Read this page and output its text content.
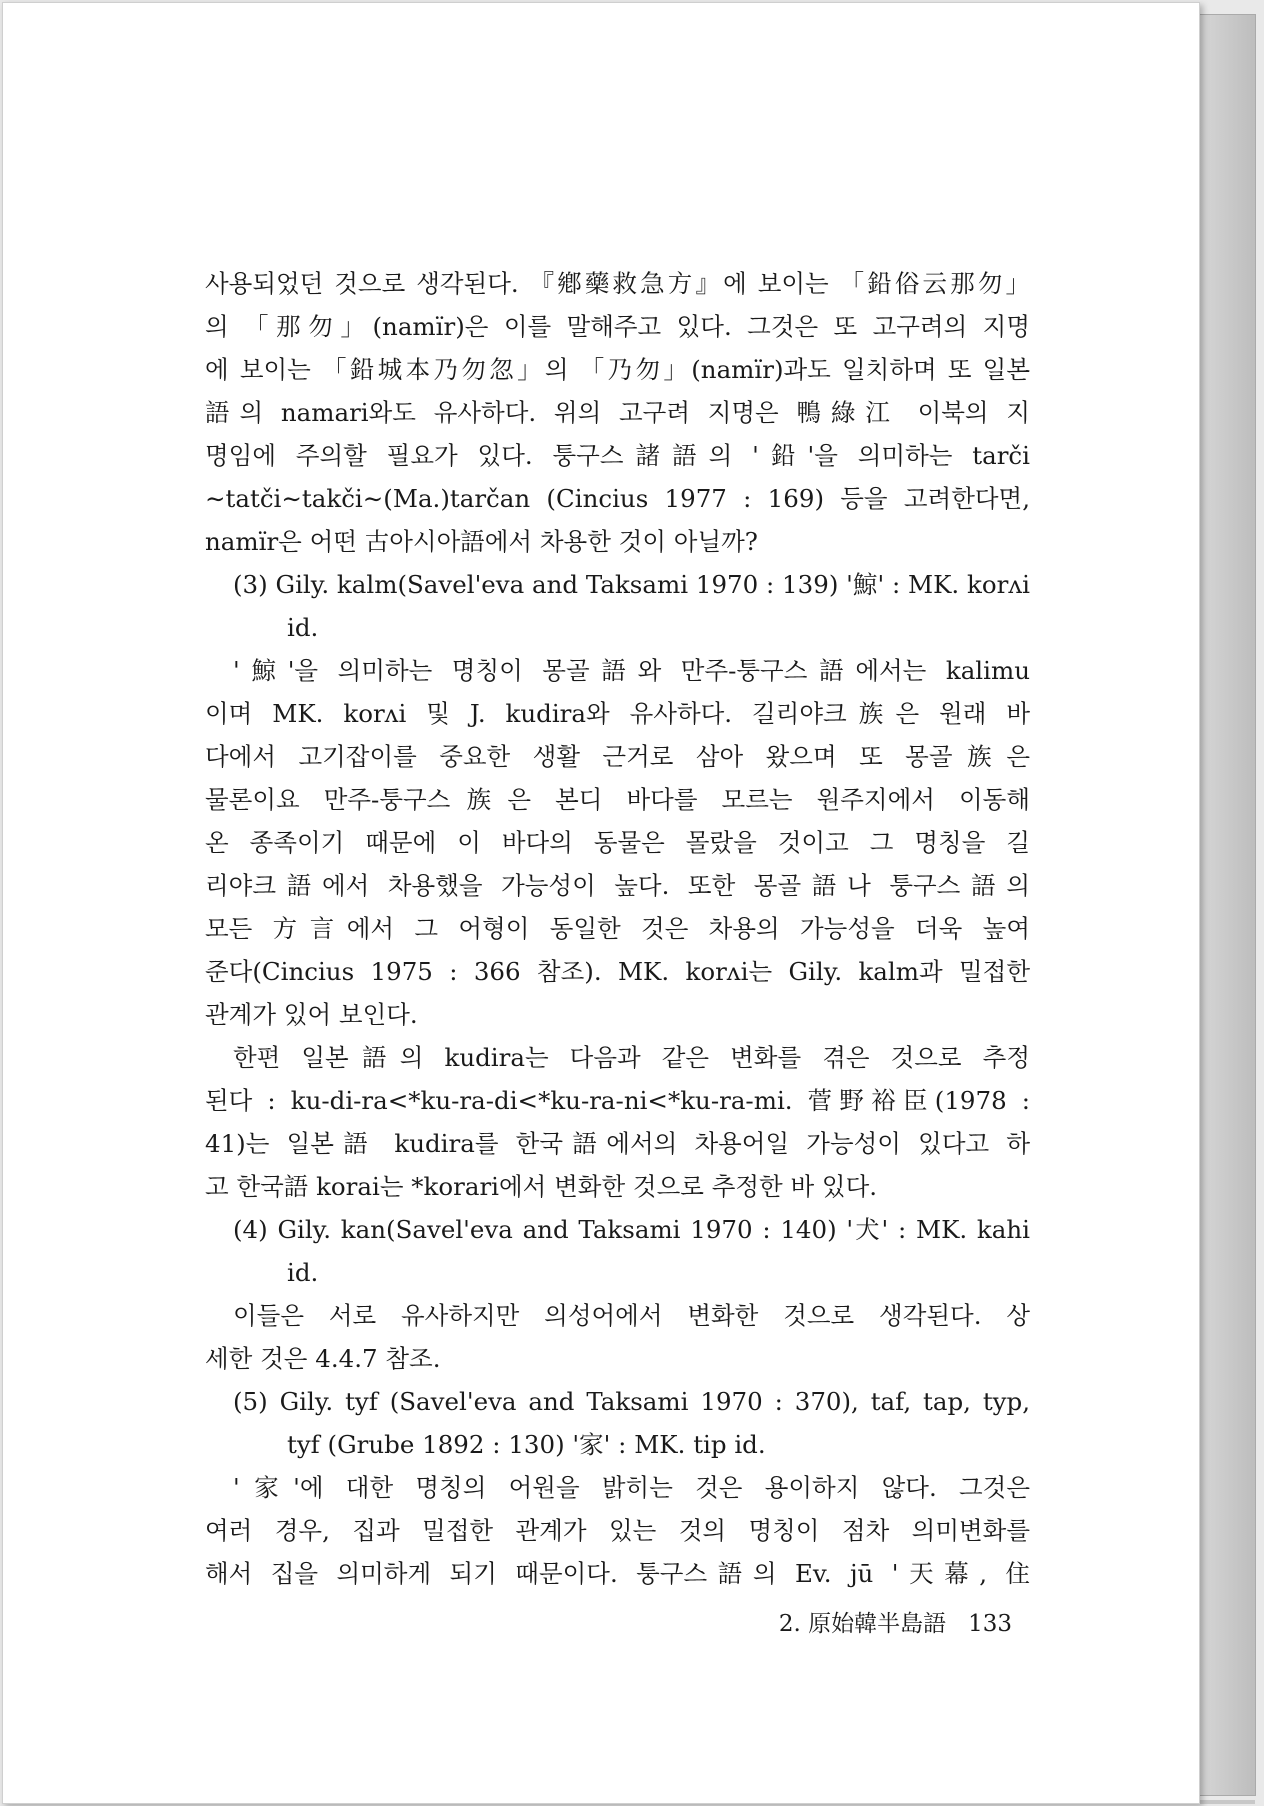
사용되었던 것으로 생각된다. 『鄕藥救急方』에 보이는 「鉛俗云那勿」
의 「那勿」(namïr)은 이를 말해주고 있다. 그것은 또 고구려의 지명
에 보이는 「鉛城本乃勿忽」의 「乃勿」(namïr)과도 일치하며 또 일본
語의 namari와도 유사하다. 위의 고구려 지명은 鴨綠江 이북의 지
명임에 주의할 필요가 있다. 퉁구스諸語의 '鉛'을 의미하는 tarči
∼tatči∼takči∼(Ma.)tarčan (Cincius 1977 : 169) 등을 고려한다면,
namïr은 어떤 古아시아語에서 차용한 것이 아닐까?
(3) Gily. kalm(Savel'eva and Taksami 1970 : 139) '鯨' : MK. korʌi
id.
'鯨'을 의미하는 명칭이 몽골語와 만주-퉁구스語에서는 kalimu
이며 MK. korʌi 및 J. kudira와 유사하다. 길리야크族은 원래 바
다에서 고기잡이를 중요한 생활 근거로 삼아 왔으며 또 몽골族은
물론이요 만주-퉁구스族은 본디 바다를 모르는 원주지에서 이동해
온 종족이기 때문에 이 바다의 동물은 몰랐을 것이고 그 명칭을 길
리야크語에서 차용했을 가능성이 높다. 또한 몽골語나 퉁구스語의
모든 方言에서 그 어형이 동일한 것은 차용의 가능성을 더욱 높여
준다(Cincius 1975 : 366 참조). MK. korʌi는 Gily. kalm과 밀접한
관계가 있어 보인다.
한편 일본語의 kudira는 다음과 같은 변화를 겪은 것으로 추정
된다 : ku-di-ra<*ku-ra-di<*ku-ra-ni<*ku-ra-mi. 菅野裕臣(1978 :
41)는 일본語 kudira를 한국語에서의 차용어일 가능성이 있다고 하
고 한국語 korai는 *korari에서 변화한 것으로 추정한 바 있다.
(4) Gily. kan(Savel'eva and Taksami 1970 : 140) '犬' : MK. kahi
id.
이들은 서로 유사하지만 의성어에서 변화한 것으로 생각된다. 상
세한 것은 4.4.7 참조.
(5) Gily. tyf (Savel'eva and Taksami 1970 : 370), taf, tap, typ,
tyf (Grube 1892 : 130) '家' : MK. tip id.
'家'에 대한 명칭의 어원을 밝히는 것은 용이하지 않다. 그것은
여러 경우, 집과 밀접한 관계가 있는 것의 명칭이 점차 의미변화를
해서 집을 의미하게 되기 때문이다. 퉁구스語의 Ev. jū '天幕, 住
2. 原始韓半島語 133
